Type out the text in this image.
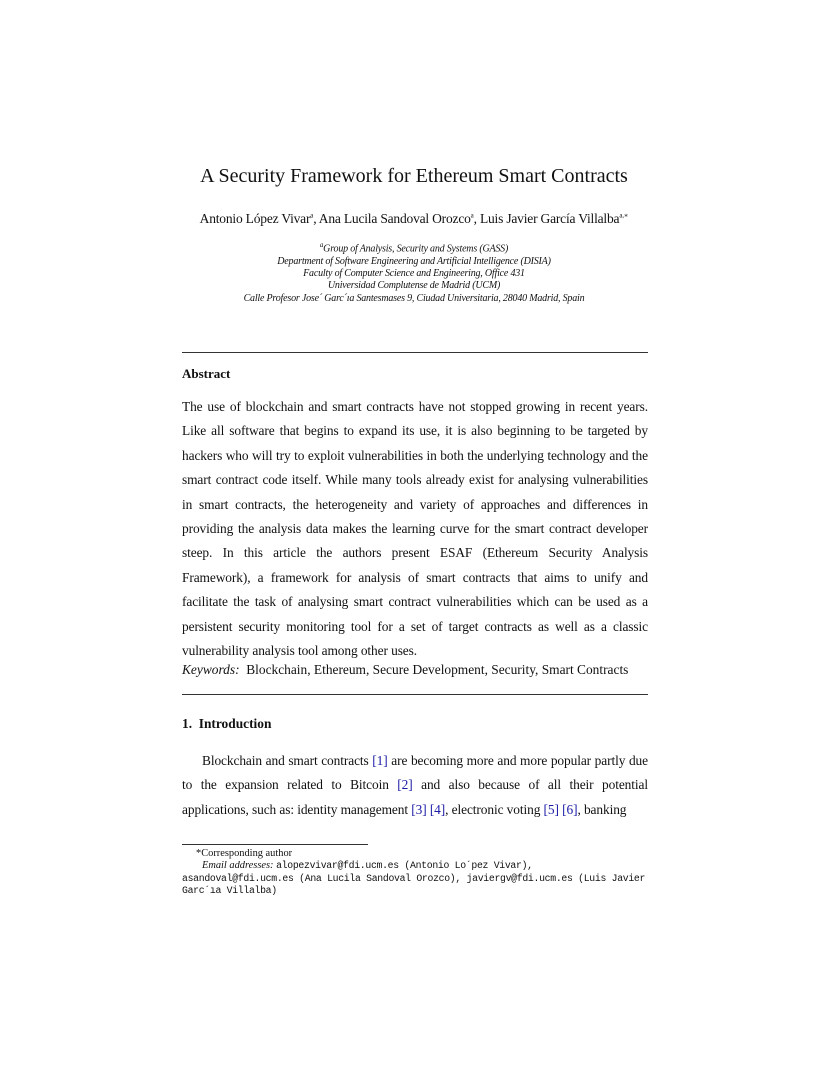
A Security Framework for Ethereum Smart Contracts
Antonio López Vivar$^a$, Ana Lucila Sandoval Orozco$^a$, Luis Javier García Villalba$^{a,∗}$
$^a$Group of Analysis, Security and Systems (GASS)
Department of Software Engineering and Artificial Intelligence (DISIA)
Faculty of Computer Science and Engineering, Office 431
Universidad Complutense de Madrid (UCM)
Calle Profesor Jose´ Garc´ıa Santesmases 9, Ciudad Universitaria, 28040 Madrid, Spain
Abstract
The use of blockchain and smart contracts have not stopped growing in recent years. Like all software that begins to expand its use, it is also beginning to be targeted by hackers who will try to exploit vulnerabilities in both the underlying technology and the smart contract code itself. While many tools already exist for analysing vulnerabilities in smart contracts, the heterogeneity and variety of approaches and differences in providing the analysis data makes the learning curve for the smart contract developer steep. In this article the authors present ESAF (Ethereum Security Analysis Framework), a framework for analysis of smart contracts that aims to unify and facilitate the task of analysing smart contract vulnerabilities which can be used as a persistent security monitoring tool for a set of target contracts as well as a classic vulnerability analysis tool among other uses.
Keywords: Blockchain, Ethereum, Secure Development, Security, Smart Contracts
1.  Introduction
Blockchain and smart contracts [1] are becoming more and more popular partly due to the expansion related to Bitcoin [2] and also because of all their potential applications, such as: identity management [3] [4], electronic voting [5] [6], banking
*Corresponding author
Email addresses: alopezvivar@fdi.ucm.es (Antonio Lo´pez Vivar),
asandoval@fdi.ucm.es (Ana Lucila Sandoval Orozco), javiergv@fdi.ucm.es (Luis Javier Garc´ıa Villalba)
